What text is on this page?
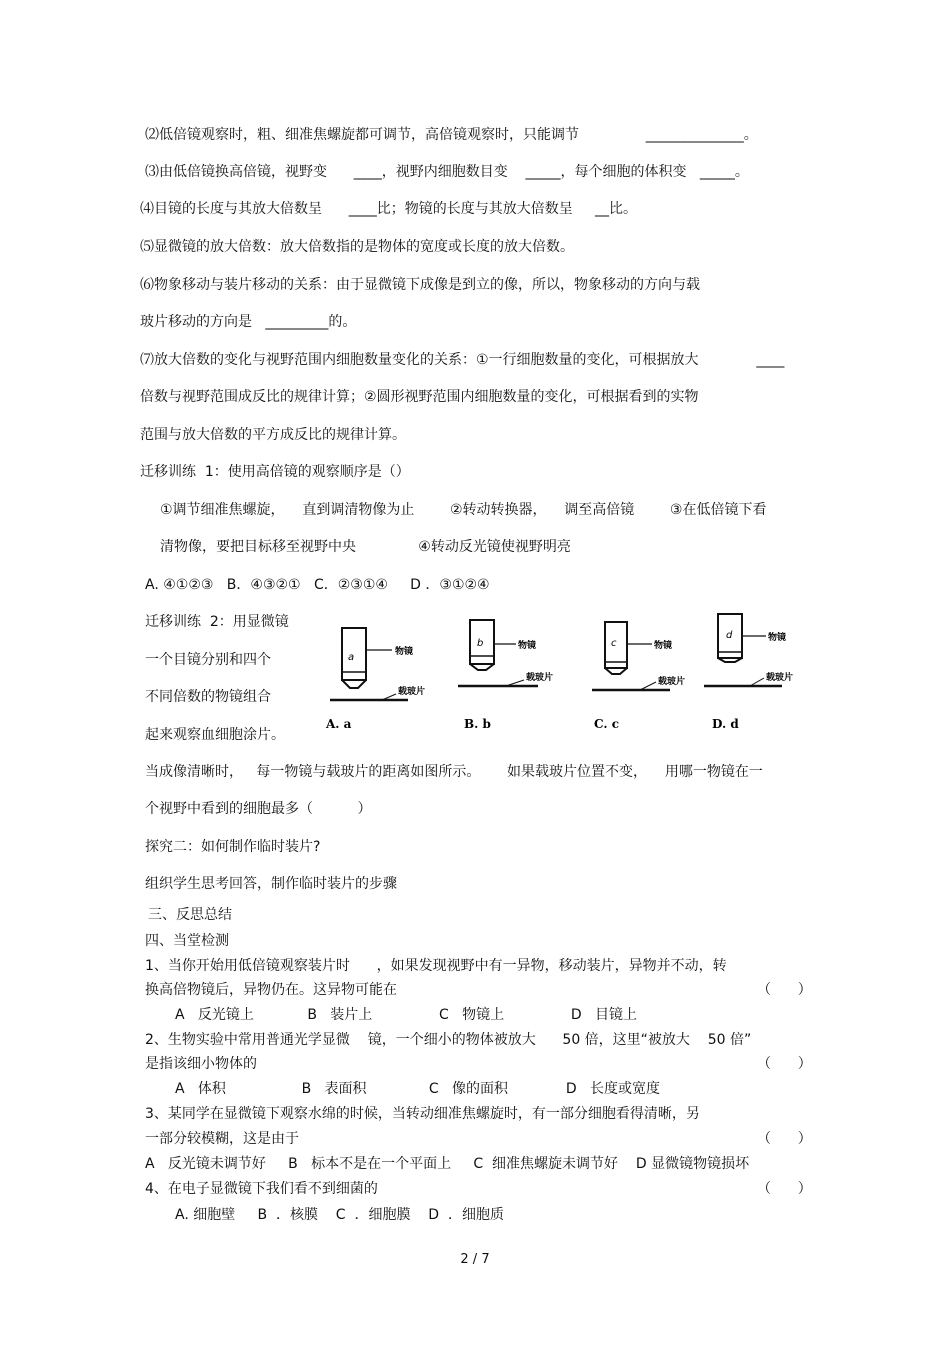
⑵低倍镜观察时，粗、细准焦螺旋都可调节，高倍镜观察时，只能调节               ______________。
⑶由低倍镜换高倍镜，视野变      ____，视野内细胞数目变    _____，每个细胞的体积变   _____。
⑷目镜的长度与其放大倍数呈      ____比；物镜的长度与其放大倍数呈     __比。
⑸显微镜的放大倍数：放大倍数指的是物体的宽度或长度的放大倍数。
⑹物象移动与装片移动的关系：由于显微镜下成像是到立的像，所以，物象移动的方向与载
玻片移动的方向是   _________的。
⑺放大倍数的变化与视野范围内细胞数量变化的关系：①一行细胞数量的变化，可根据放大             ____
倍数与视野范围成反比的规律计算；②圆形视野范围内细胞数量的变化，可根据看到的实物
范围与放大倍数的平方成反比的规律计算。
迁移训练  1：使用高倍镜的观察顺序是（）
①调节细准焦螺旋，    直到调清物像为止        ②转动转换器，    调至高倍镜        ③在低倍镜下看
清物像，要把目标移至视野中央              ④转动反光镜使视野明亮
A. ④①②③   B．④③②①   C．②③①④     D ．③①②④
迁移训练  2：用显微镜
一个目镜分别和四个
不同倍数的物镜组合
起来观察血细胞涂片。
当成像清晰时，   每一物镜与载玻片的距离如图所示。      如果载玻片位置不变，    用哪一物镜在一
个视野中看到的细胞最多（          ）
探究二：如何制作临时装片?
组织学生思考回答，制作临时装片的步骤
三、反思总结
四、当堂检测
1、当你开始用低倍镜观察装片时      ，如果发现视野中有一异物，移动装片，异物并不动，转
换高倍物镜后，异物仍在。这异物可能在	（      ）
A   反光镜上            B   装片上               C   物镜上               D   目镜上
2、生物实验中常用普通光学显微    镜，一个细小的物体被放大      50 倍，这里“被放大    50 倍”
是指该细小物体的	（      ）
A   体积                 B   表面积              C   像的面积             D   长度或宽度
3、某同学在显微镜下观察水绵的时候，当转动细准焦螺旋时，有一部分细胞看得清晰，另
一部分较模糊，这是由于	（      ）
A   反光镜未调节好     B   标本不是在一个平面上     C  细准焦螺旋未调节好    D 显微镜物镜损坏
4、在电子显微镜下我们看不到细菌的	（      ）
A. 细胞壁     B  ．核膜    C  ．细胞膜    D  ．细胞质
a	物镜
载玻片
A. a
b	物镜
载玻片
B. b
c	物镜
载玻片
C. c
d	物镜
载玻片
D. d
2 / 7
